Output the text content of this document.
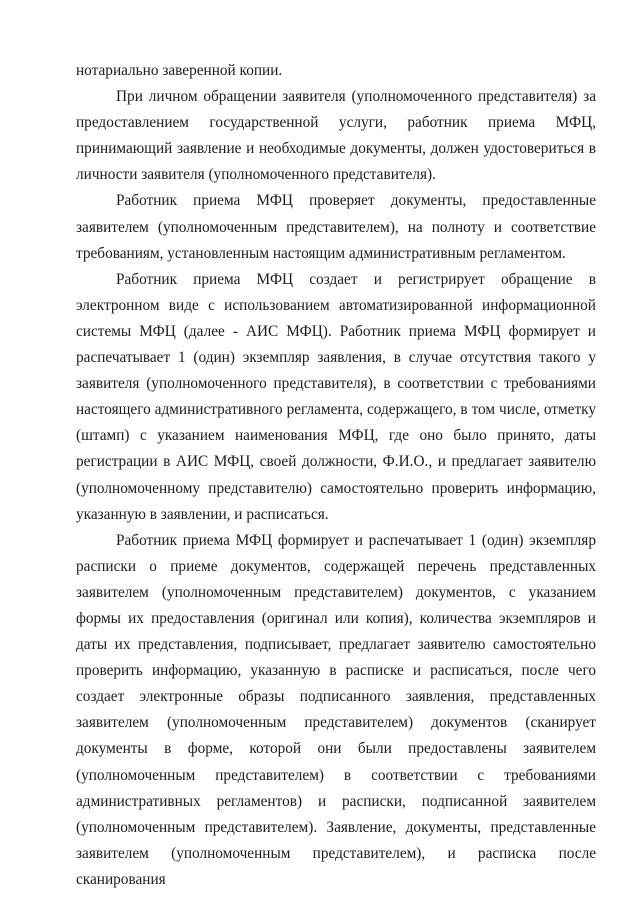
нотариально заверенной копии.

При личном обращении заявителя (уполномоченного представителя) за предоставлением государственной услуги, работник приема МФЦ, принимающий заявление и необходимые документы, должен удостовериться в личности заявителя (уполномоченного представителя).

Работник приема МФЦ проверяет документы, предоставленные заявителем (уполномоченным представителем), на полноту и соответствие требованиям, установленным настоящим административным регламентом.

Работник приема МФЦ создает и регистрирует обращение в электронном виде с использованием автоматизированной информационной системы МФЦ (далее - АИС МФЦ). Работник приема МФЦ формирует и распечатывает 1 (один) экземпляр заявления, в случае отсутствия такого у заявителя (уполномоченного представителя), в соответствии с требованиями настоящего административного регламента, содержащего, в том числе, отметку (штамп) с указанием наименования МФЦ, где оно было принято, даты регистрации в АИС МФЦ, своей должности, Ф.И.О., и предлагает заявителю (уполномоченному представителю) самостоятельно проверить информацию, указанную в заявлении, и расписаться.

Работник приема МФЦ формирует и распечатывает 1 (один) экземпляр расписки о приеме документов, содержащей перечень представленных заявителем (уполномоченным представителем) документов, с указанием формы их предоставления (оригинал или копия), количества экземпляров и даты их представления, подписывает, предлагает заявителю самостоятельно проверить информацию, указанную в расписке и расписаться, после чего создает электронные образы подписанного заявления, представленных заявителем (уполномоченным представителем) документов (сканирует документы в форме, которой они были предоставлены заявителем (уполномоченным представителем) в соответствии с требованиями административных регламентов) и расписки, подписанной заявителем (уполномоченным представителем). Заявление, документы, представленные заявителем (уполномоченным представителем), и расписка после сканирования
